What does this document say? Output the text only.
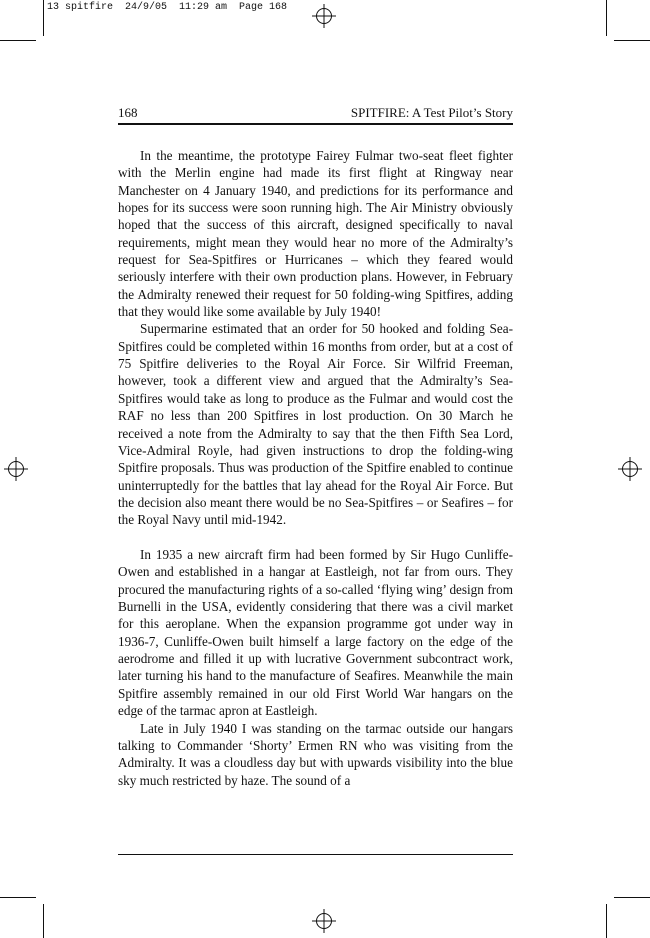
13 spitfire  24/9/05  11:29 am  Page 168
168	SPITFIRE: A Test Pilot’s Story

In the meantime, the prototype Fairey Fulmar two-seat fleet fighter with the Merlin engine had made its first flight at Ringway near Manchester on 4 January 1940, and predictions for its performance and hopes for its success were soon running high. The Air Ministry obviously hoped that the success of this aircraft, designed specifically to naval requirements, might mean they would hear no more of the Admiralty’s request for Sea-Spitfires or Hurricanes – which they feared would seriously interfere with their own production plans. However, in February the Admiralty renewed their request for 50 folding-wing Spitfires, adding that they would like some available by July 1940!

Supermarine estimated that an order for 50 hooked and folding Sea-Spitfires could be completed within 16 months from order, but at a cost of 75 Spitfire deliveries to the Royal Air Force. Sir Wilfrid Freeman, however, took a different view and argued that the Admiralty’s Sea-Spitfires would take as long to produce as the Fulmar and would cost the RAF no less than 200 Spitfires in lost production. On 30 March he received a note from the Admiralty to say that the then Fifth Sea Lord, Vice-Admiral Royle, had given instructions to drop the folding-wing Spitfire proposals. Thus was production of the Spitfire enabled to continue uninterruptedly for the battles that lay ahead for the Royal Air Force. But the decision also meant there would be no Sea-Spitfires – or Seafires – for the Royal Navy until mid-1942.

In 1935 a new aircraft firm had been formed by Sir Hugo Cunliffe-Owen and established in a hangar at Eastleigh, not far from ours. They procured the manufacturing rights of a so-called ‘flying wing’ design from Burnelli in the USA, evidently considering that there was a civil market for this aeroplane. When the expansion programme got under way in 1936-7, Cunliffe-Owen built himself a large factory on the edge of the aerodrome and filled it up with lucrative Government subcontract work, later turning his hand to the manufacture of Seafires. Meanwhile the main Spitfire assembly remained in our old First World War hangars on the edge of the tarmac apron at Eastleigh.

Late in July 1940 I was standing on the tarmac outside our hangars talking to Commander ‘Shorty’ Ermen RN who was visiting from the Admiralty. It was a cloudless day but with upwards visibility into the blue sky much restricted by haze. The sound of a
